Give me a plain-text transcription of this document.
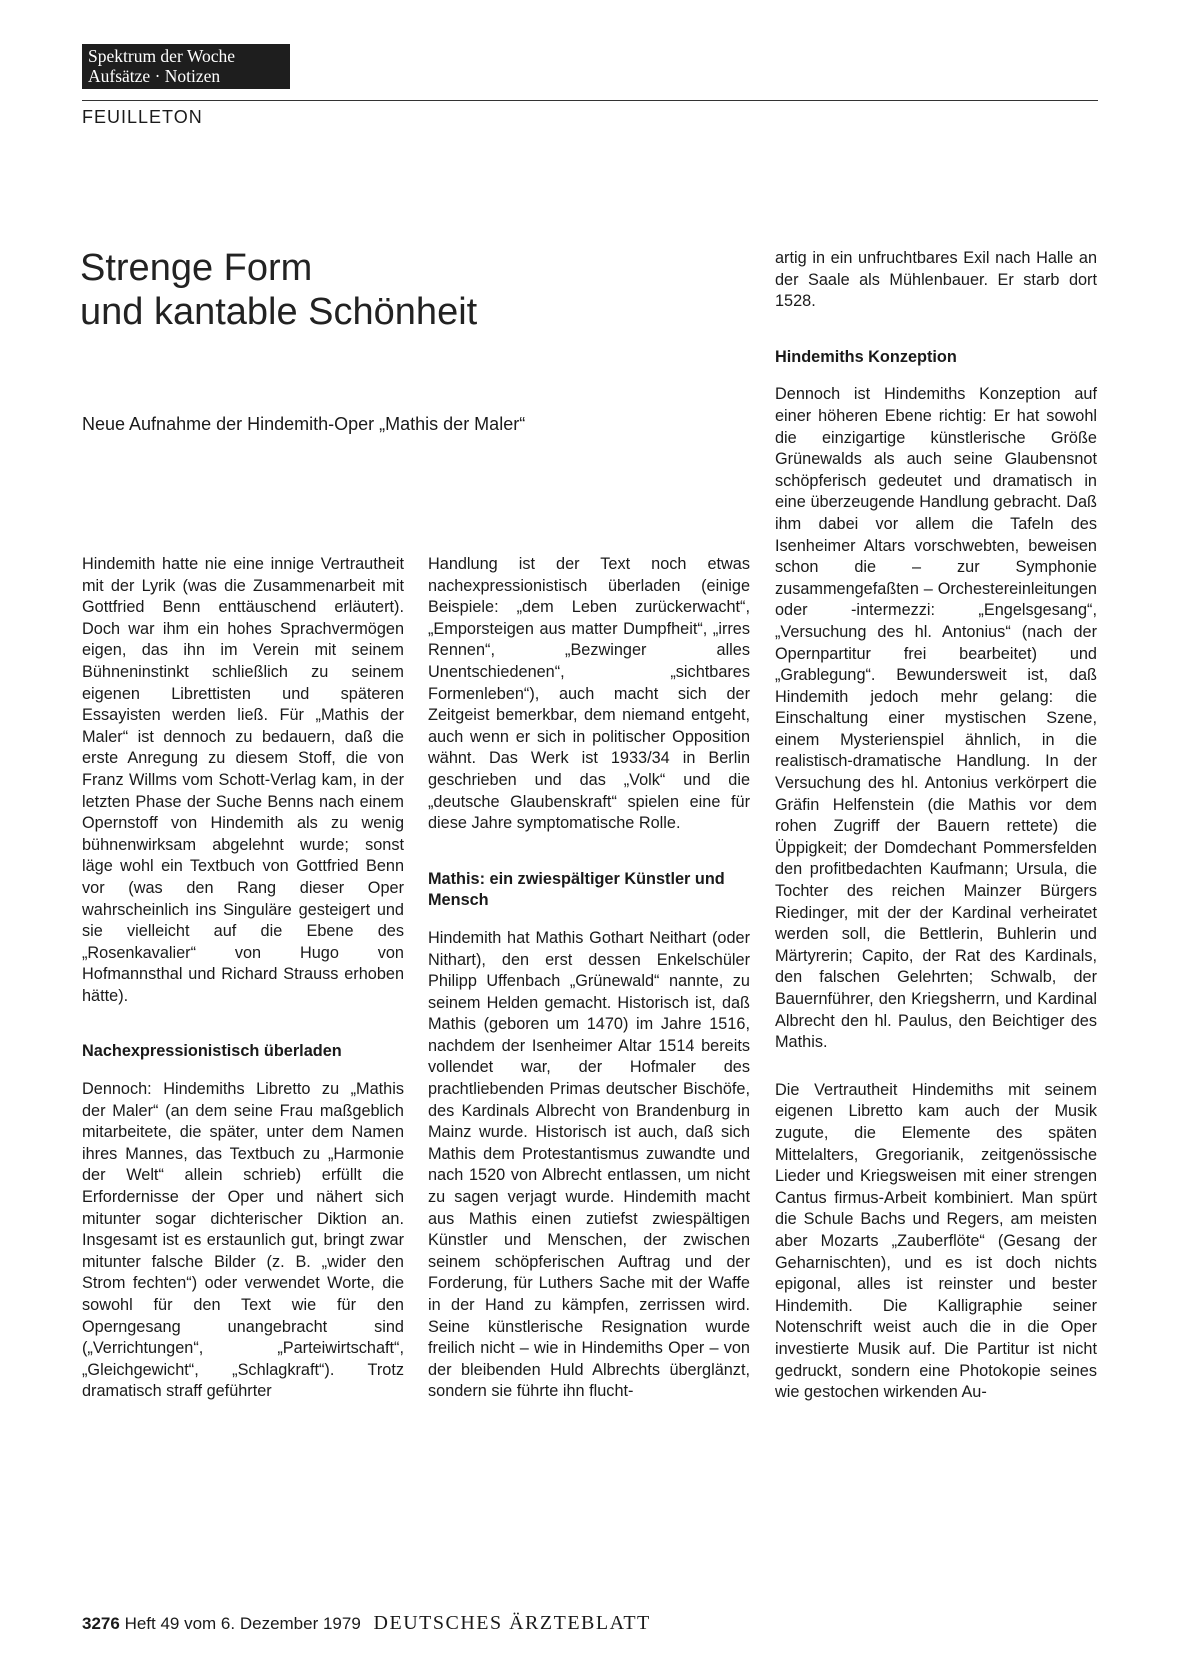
Spektrum der Woche
Aufsätze · Notizen
FEUILLETON
Strenge Form
und kantable Schönheit
Neue Aufnahme der Hindemith-Oper „Mathis der Maler“

Hindemith hatte nie eine innige Vertrautheit mit der Lyrik (was die Zusammenarbeit mit Gottfried Benn enttäuschend erläutert). Doch war ihm ein hohes Sprachvermögen eigen, das ihn im Verein mit seinem Bühneninstinkt schließlich zu seinem eigenen Librettisten und späteren Essayisten werden ließ. Für „Mathis der Maler“ ist dennoch zu bedauern, daß die erste Anregung zu diesem Stoff, die von Franz Willms vom Schott-Verlag kam, in der letzten Phase der Suche Benns nach einem Opernstoff von Hindemith als zu wenig bühnenwirksam abgelehnt wurde; sonst läge wohl ein Textbuch von Gottfried Benn vor (was den Rang dieser Oper wahrscheinlich ins Singuläre gesteigert und sie vielleicht auf die Ebene des „Rosenkavalier“ von Hugo von Hofmannsthal und Richard Strauss erhoben hätte).

Nachexpressionistisch überladen

Dennoch: Hindemiths Libretto zu „Mathis der Maler“ (an dem seine Frau maßgeblich mitarbeitete, die später, unter dem Namen ihres Mannes, das Textbuch zu „Harmonie der Welt“ allein schrieb) erfüllt die Erfordernisse der Oper und nähert sich mitunter sogar dichterischer Diktion an. Insgesamt ist es erstaunlich gut, bringt zwar mitunter falsche Bilder (z. B. „wider den Strom fechten“) oder verwendet Worte, die sowohl für den Text wie für den Operngesang unangebracht sind („Verrichtungen“, „Parteiwirtschaft“, „Gleichgewicht“, „Schlagkraft“). Trotz dramatisch straff geführter

Handlung ist der Text noch etwas nachexpressionistisch überladen (einige Beispiele: „dem Leben zurückerwacht“, „Emporsteigen aus matter Dumpfheit“, „irres Rennen“, „Bezwinger alles Unentschiedenen“, „sichtbares Formenleben“), auch macht sich der Zeitgeist bemerkbar, dem niemand entgeht, auch wenn er sich in politischer Opposition wähnt. Das Werk ist 1933/34 in Berlin geschrieben und das „Volk“ und die „deutsche Glaubenskraft“ spielen eine für diese Jahre symptomatische Rolle.

Mathis: ein zwiespältiger Künstler und Mensch

Hindemith hat Mathis Gothart Neithart (oder Nithart), den erst dessen Enkelschüler Philipp Uffenbach „Grünewald“ nannte, zu seinem Helden gemacht. Historisch ist, daß Mathis (geboren um 1470) im Jahre 1516, nachdem der Isenheimer Altar 1514 bereits vollendet war, der Hofmaler des prachtliebenden Primas deutscher Bischöfe, des Kardinals Albrecht von Brandenburg in Mainz wurde. Historisch ist auch, daß sich Mathis dem Protestantismus zuwandte und nach 1520 von Albrecht entlassen, um nicht zu sagen verjagt wurde. Hindemith macht aus Mathis einen zutiefst zwiespältigen Künstler und Menschen, der zwischen seinem schöpferischen Auftrag und der Forderung, für Luthers Sache mit der Waffe in der Hand zu kämpfen, zerrissen wird. Seine künstlerische Resignation wurde freilich nicht – wie in Hindemiths Oper – von der bleibenden Huld Albrechts überglänzt, sondern sie führte ihn flucht-

artig in ein unfruchtbares Exil nach Halle an der Saale als Mühlenbauer. Er starb dort 1528.

Hindemiths Konzeption

Dennoch ist Hindemiths Konzeption auf einer höheren Ebene richtig: Er hat sowohl die einzigartige künstlerische Größe Grünewalds als auch seine Glaubensnot schöpferisch gedeutet und dramatisch in eine überzeugende Handlung gebracht. Daß ihm dabei vor allem die Tafeln des Isenheimer Altars vorschwebten, beweisen schon die – zur Symphonie zusammengefaßten – Orchestereinleitungen oder -intermezzi: „Engelsgesang“, „Versuchung des hl. Antonius“ (nach der Opernpartitur frei bearbeitet) und „Grablegung“. Bewundersweit ist, daß Hindemith jedoch mehr gelang: die Einschaltung einer mystischen Szene, einem Mysterienspiel ähnlich, in die realistisch-dramatische Handlung. In der Versuchung des hl. Antonius verkörpert die Gräfin Helfenstein (die Mathis vor dem rohen Zugriff der Bauern rettete) die Üppigkeit; der Domdechant Pommersfelden den profitbedachten Kaufmann; Ursula, die Tochter des reichen Mainzer Bürgers Riedinger, mit der der Kardinal verheiratet werden soll, die Bettlerin, Buhlerin und Märtyrerin; Capito, der Rat des Kardinals, den falschen Gelehrten; Schwalb, der Bauernführer, den Kriegsherrn, und Kardinal Albrecht den hl. Paulus, den Beichtiger des Mathis.

Die Vertrautheit Hindemiths mit seinem eigenen Libretto kam auch der Musik zugute, die Elemente des späten Mittelalters, Gregorianik, zeitgenössische Lieder und Kriegsweisen mit einer strengen Cantus firmus-Arbeit kombiniert. Man spürt die Schule Bachs und Regers, am meisten aber Mozarts „Zauberflöte“ (Gesang der Geharnischten), und es ist doch nichts epigonal, alles ist reinster und bester Hindemith. Die Kalligraphie seiner Notenschrift weist auch die in die Oper investierte Musik auf. Die Partitur ist nicht gedruckt, sondern eine Photokopie seines wie gestochen wirkenden Au-

3276 Heft 49 vom 6. Dezember 1979 DEUTSCHES ÄRZTEBLATT
